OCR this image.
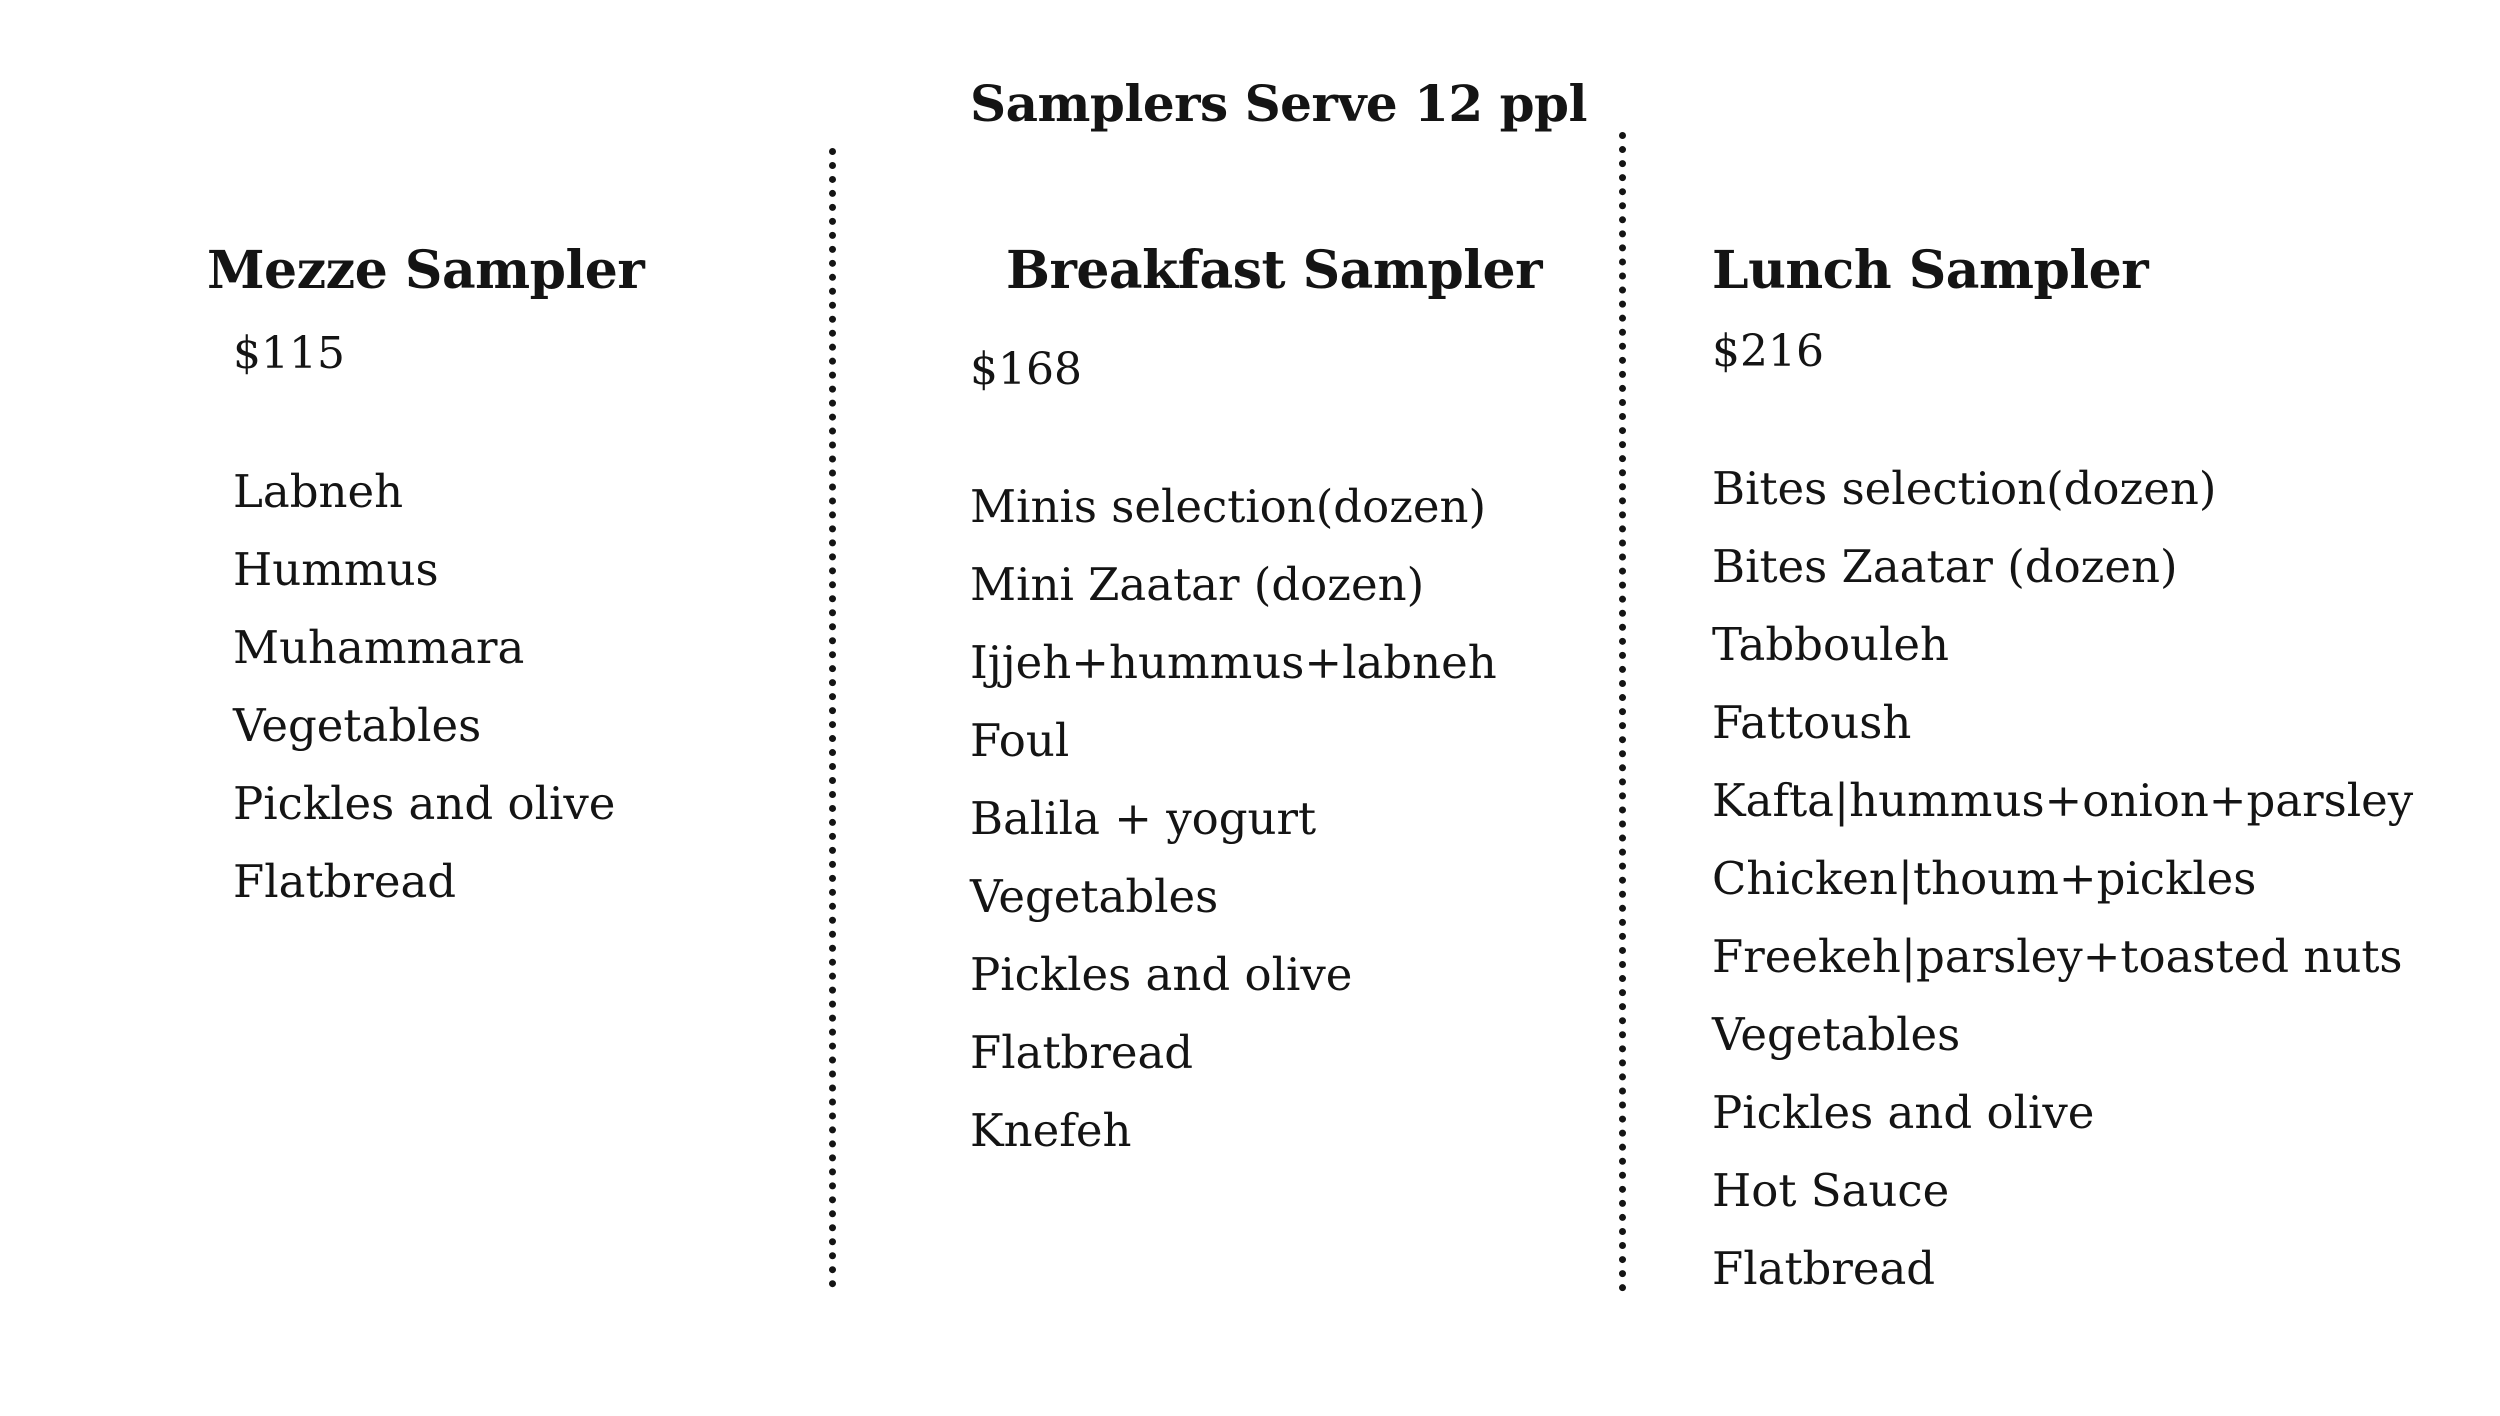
Samplers Serve 12 ppl
Mezze Sampler
$115
Labneh
Hummus
Muhammara
Vegetables
Pickles and olive
Flatbread
Breakfast Sampler
$168
Minis selection(dozen)
Mini Zaatar (dozen)
Ijjeh+hummus+labneh
Foul
Balila + yogurt
Vegetables
Pickles and olive
Flatbread
Knefeh
Lunch Sampler
$216
Bites selection(dozen)
Bites Zaatar (dozen)
Tabbouleh
Fattoush
Kafta|hummus+onion+parsley
Chicken|thoum+pickles
Freekeh|parsley+toasted nuts
Vegetables
Pickles and olive
Hot Sauce
Flatbread
